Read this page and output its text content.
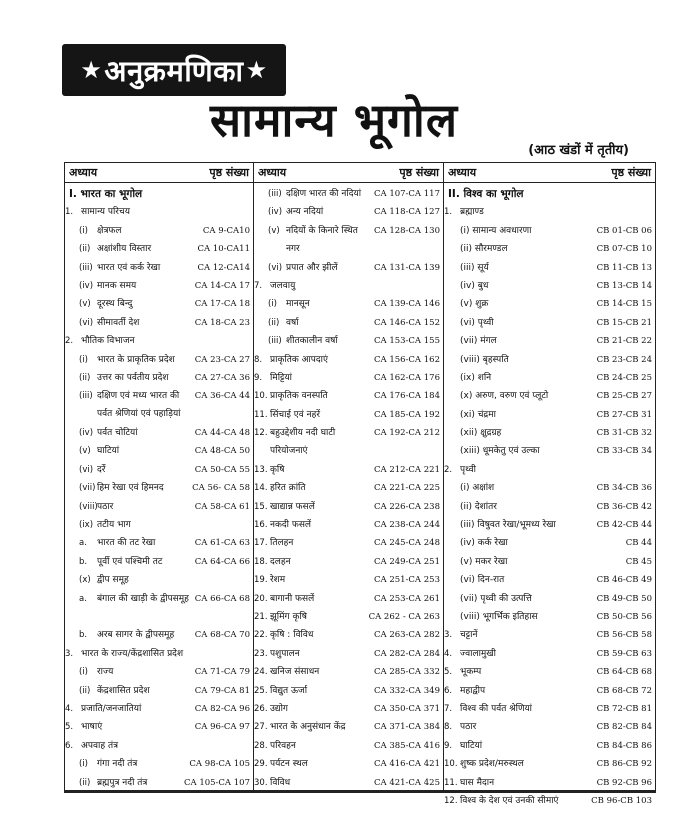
★ अनुक्रमणिका ★
सामान्य भूगोल
(आठ खंडों में तृतीय)
अध्याय	पृष्ठ संख्या
I. भारत का भूगोल
1. सामान्य परिचय
(i)	क्षेत्रफल	CA 9-CA10
(ii) अक्षांशीय विस्तार	CA 10-CA11
(iii) भारत एवं कर्क रेखा	CA 12-CA14
(iv) मानक समय	CA 14-CA 17
(v) दूरस्थ बिन्दु	CA 17-CA 18
(vi) सीमावर्ती देश	CA 18-CA 23
2. भौतिक विभाजन
(i)	भारत के प्राकृतिक प्रदेश	CA 23-CA 27
(ii) उत्तर का पर्वतीय प्रदेश	CA 27-CA 36
(iii) दक्षिण एवं मध्य भारत की पर्वत श्रेणियां एवं पहाड़ियां
CA 36-CA 44
(iv) पर्वत चोटियां	CA 44-CA 48
(v) घाटियां	CA 48-CA 50
(vi) दर्रे	CA 50-CA 55
(vii) हिम रेखा एवं हिमनद	CA 56- CA 58
(viii) पठार	CA 58-CA 61
(ix) तटीय भाग
a.	भारत की तट रेखा	CA 61-CA 63
b.	पूर्वी एवं पश्चिमी तट	CA 64-CA 66
(x) द्वीप समूह
a.	बंगाल की खाड़ी के द्वीपसमूह CA 66-CA 68
b.	अरब सागर के द्वीपसमूह	CA 68-CA 70
3. भारत के राज्य/केंद्रशासित प्रदेश
(i)	राज्य	CA 71-CA 79
(ii) केंद्रशासित प्रदेश	CA 79-CA 81
4. प्रजाति/जनजातियां	CA 82-CA 96
5. भाषाएं	CA 96-CA 97
6. अपवाह तंत्र
(i)	गंगा नदी तंत्र	CA 98-CA 105
(ii) ब्रह्मपुत्र नदी तंत्र	CA 105-CA 107
अध्याय	पृष्ठ संख्या
(iii) दक्षिण भारत की नदियां	CA 107-CA 117
(iv) अन्य नदियां	CA 118-CA 127
(v) नदियों के किनारे स्थित नगर
CA 128-CA 130
(vi) प्रपात और झीलें	CA 131-CA 139
7. जलवायु
(i)	मानसून	CA 139-CA 146
(ii) वर्षा	CA 146-CA 152
(iii) शीतकालीन वर्षा	CA 153-CA 155
8. प्राकृतिक आपदाएं	CA 156-CA 162
9. मिट्टियां	CA 162-CA 176
10. प्राकृतिक वनस्पति	CA 176-CA 184
11. सिंचाई एवं नहरें	CA 185-CA 192
12. बहुउद्देशीय नदी घाटी परियोजनाएं
CA 192-CA 212
13. कृषि	CA 212-CA 221
14. हरित क्रांति	CA 221-CA 225
15. खाद्यान्न फसलें	CA 226-CA 238
16. नकदी फसलें	CA 238-CA 244
17. तिलहन	CA 245-CA 248
18. दलहन	CA 249-CA 251
19. रेशम	CA 251-CA 253
20. बागानी फसलें	CA 253-CA 261
21. झूमिंग कृषि	CA 262 - CA 263
22. कृषि : विविध	CA 263-CA 282
23. पशुपालन	CA 282-CA 284
24. खनिज संसाधन	CA 285-CA 332
25. विद्युत ऊर्जा	CA 332-CA 349
26. उद्योग	CA 350-CA 371
27. भारत के अनुसंधान केंद्र	CA 371-CA 384
28. परिवहन	CA 385-CA 416
29. पर्यटन स्थल	CA 416-CA 421
30. विविध	CA 421-CA 425
अध्याय	पृष्ठ संख्या
II. विश्व का भूगोल
1. ब्रह्माण्ड
(i) सामान्य अवधारणा	CB 01-CB 06
(ii) सौरमण्डल	CB 07-CB 10
(iii) सूर्य	CB 11-CB 13
(iv) बुध	CB 13-CB 14
(v) शुक्र	CB 14-CB 15
(vi) पृथ्वी	CB 15-CB 21
(vii) मंगल	CB 21-CB 22
(viii) बृहस्पति	CB 23-CB 24
(ix) शनि	CB 24-CB 25
(x) अरुण, वरुण एवं प्लूटो	CB 25-CB 27
(xi) चंद्रमा	CB 27-CB 31
(xii) क्षुद्रग्रह	CB 31-CB 32
(xiii) धूमकेतु एवं उल्का	CB 33-CB 34
2. पृथ्वी
(i) अक्षांश	CB 34-CB 36
(ii) देशांतर	CB 36-CB 42
(iii) विषुवत रेखा/भूमध्य रेखा	CB 42-CB 44
(iv) कर्क रेखा	CB 44
(v) मकर रेखा	CB 45
(vi) दिन-रात	CB 46-CB 49
(vii) पृथ्वी की उत्पत्ति	CB 49-CB 50
(viii) भूगर्भिक इतिहास	CB 50-CB 56
3. चट्टानें	CB 56-CB 58
4. ज्वालामुखी	CB 59-CB 63
5. भूकम्प	CB 64-CB 68
6. महाद्वीप	CB 68-CB 72
7. विश्व की पर्वत श्रेणियां	CB 72-CB 81
8. पठार	CB 82-CB 84
9. घाटियां	CB 84-CB 86
10. शुष्क प्रदेश/मरुस्थल	CB 86-CB 92
11. घास मैदान	CB 92-CB 96
12. विश्व के देश एवं उनकी सीमाएं	CB 96-CB 103
